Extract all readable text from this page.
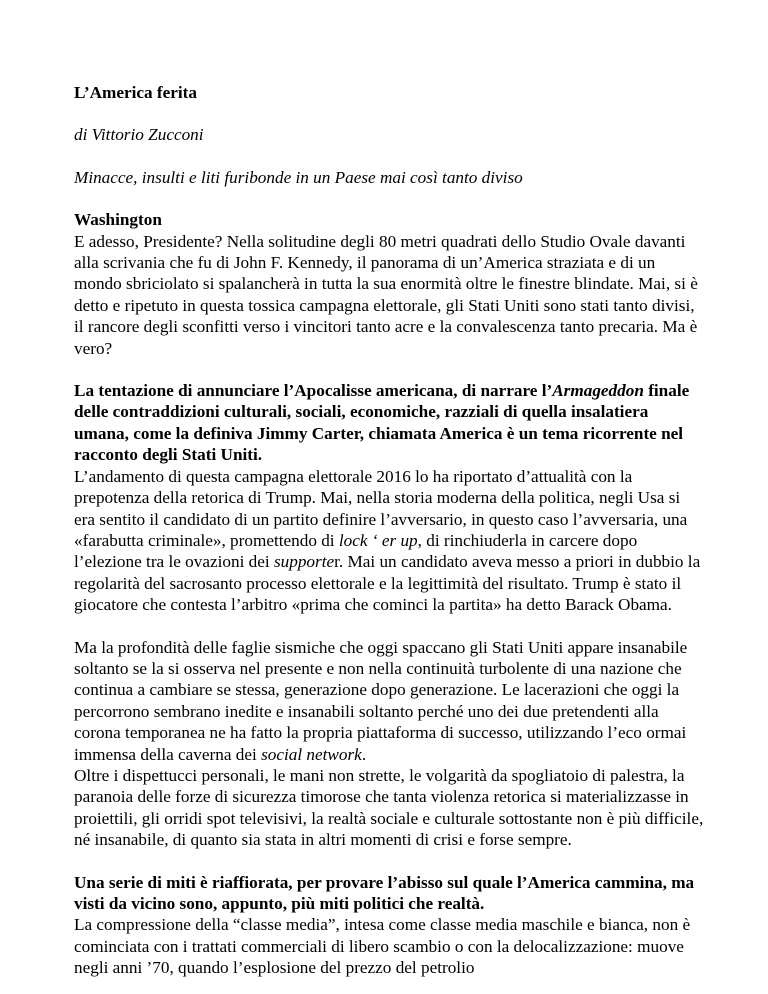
L’America ferita

di Vittorio Zucconi

Minacce, insulti e liti furibonde in un Paese mai così tanto diviso

Washington

E adesso, Presidente? Nella solitudine degli 80 metri quadrati dello Studio Ovale davanti alla scrivania che fu di John F. Kennedy, il panorama di un’America straziata e di un mondo sbriciolato si spalancherà in tutta la sua enormità oltre le finestre blindate. Mai, si è detto e ripetuto in questa tossica campagna elettorale, gli Stati Uniti sono stati tanto divisi, il rancore degli sconfitti verso i vincitori tanto acre e la convalescenza tanto precaria. Ma è vero?

La tentazione di annunciare l’Apocalisse americana, di narrare l’Armageddon finale delle contraddizioni culturali, sociali, economiche, razziali di quella insalatiera umana, come la definiva Jimmy Carter, chiamata America è un tema ricorrente nel racconto degli Stati Uniti.

L’andamento di questa campagna elettorale 2016 lo ha riportato d’attualità con la prepotenza della retorica di Trump. Mai, nella storia moderna della politica, negli Usa si era sentito il candidato di un partito definire l’avversario, in questo caso l’avversaria, una «farabutta criminale», promettendo di lock ‘ er up, di rinchiuderla in carcere dopo l’elezione tra le ovazioni dei supporter. Mai un candidato aveva messo a priori in dubbio la regolarità del sacrosanto processo elettorale e la legittimità del risultato. Trump è stato il giocatore che contesta l’arbitro «prima che cominci la partita» ha detto Barack Obama.

Ma la profondità delle faglie sismiche che oggi spaccano gli Stati Uniti appare insanabile soltanto se la si osserva nel presente e non nella continuità turbolente di una nazione che continua a cambiare se stessa, generazione dopo generazione. Le lacerazioni che oggi la percorrono sembrano inedite e insanabili soltanto perché uno dei due pretendenti alla corona temporanea ne ha fatto la propria piattaforma di successo, utilizzando l’eco ormai immensa della caverna dei social network.

Oltre i dispettucci personali, le mani non strette, le volgarità da spogliatoio di palestra, la paranoia delle forze di sicurezza timorose che tanta violenza retorica si materializzasse in proiettili, gli orridi spot televisivi, la realtà sociale e culturale sottostante non è più difficile, né insanabile, di quanto sia stata in altri momenti di crisi e forse sempre.

Una serie di miti è riaffiorata, per provare l’abisso sul quale l’America cammina, ma visti da vicino sono, appunto, più miti politici che realtà.

La compressione della “classe media”, intesa come classe media maschile e bianca, non è cominciata con i trattati commerciali di libero scambio o con la delocalizzazione: muove negli anni ’70, quando l’esplosione del prezzo del petrolio
